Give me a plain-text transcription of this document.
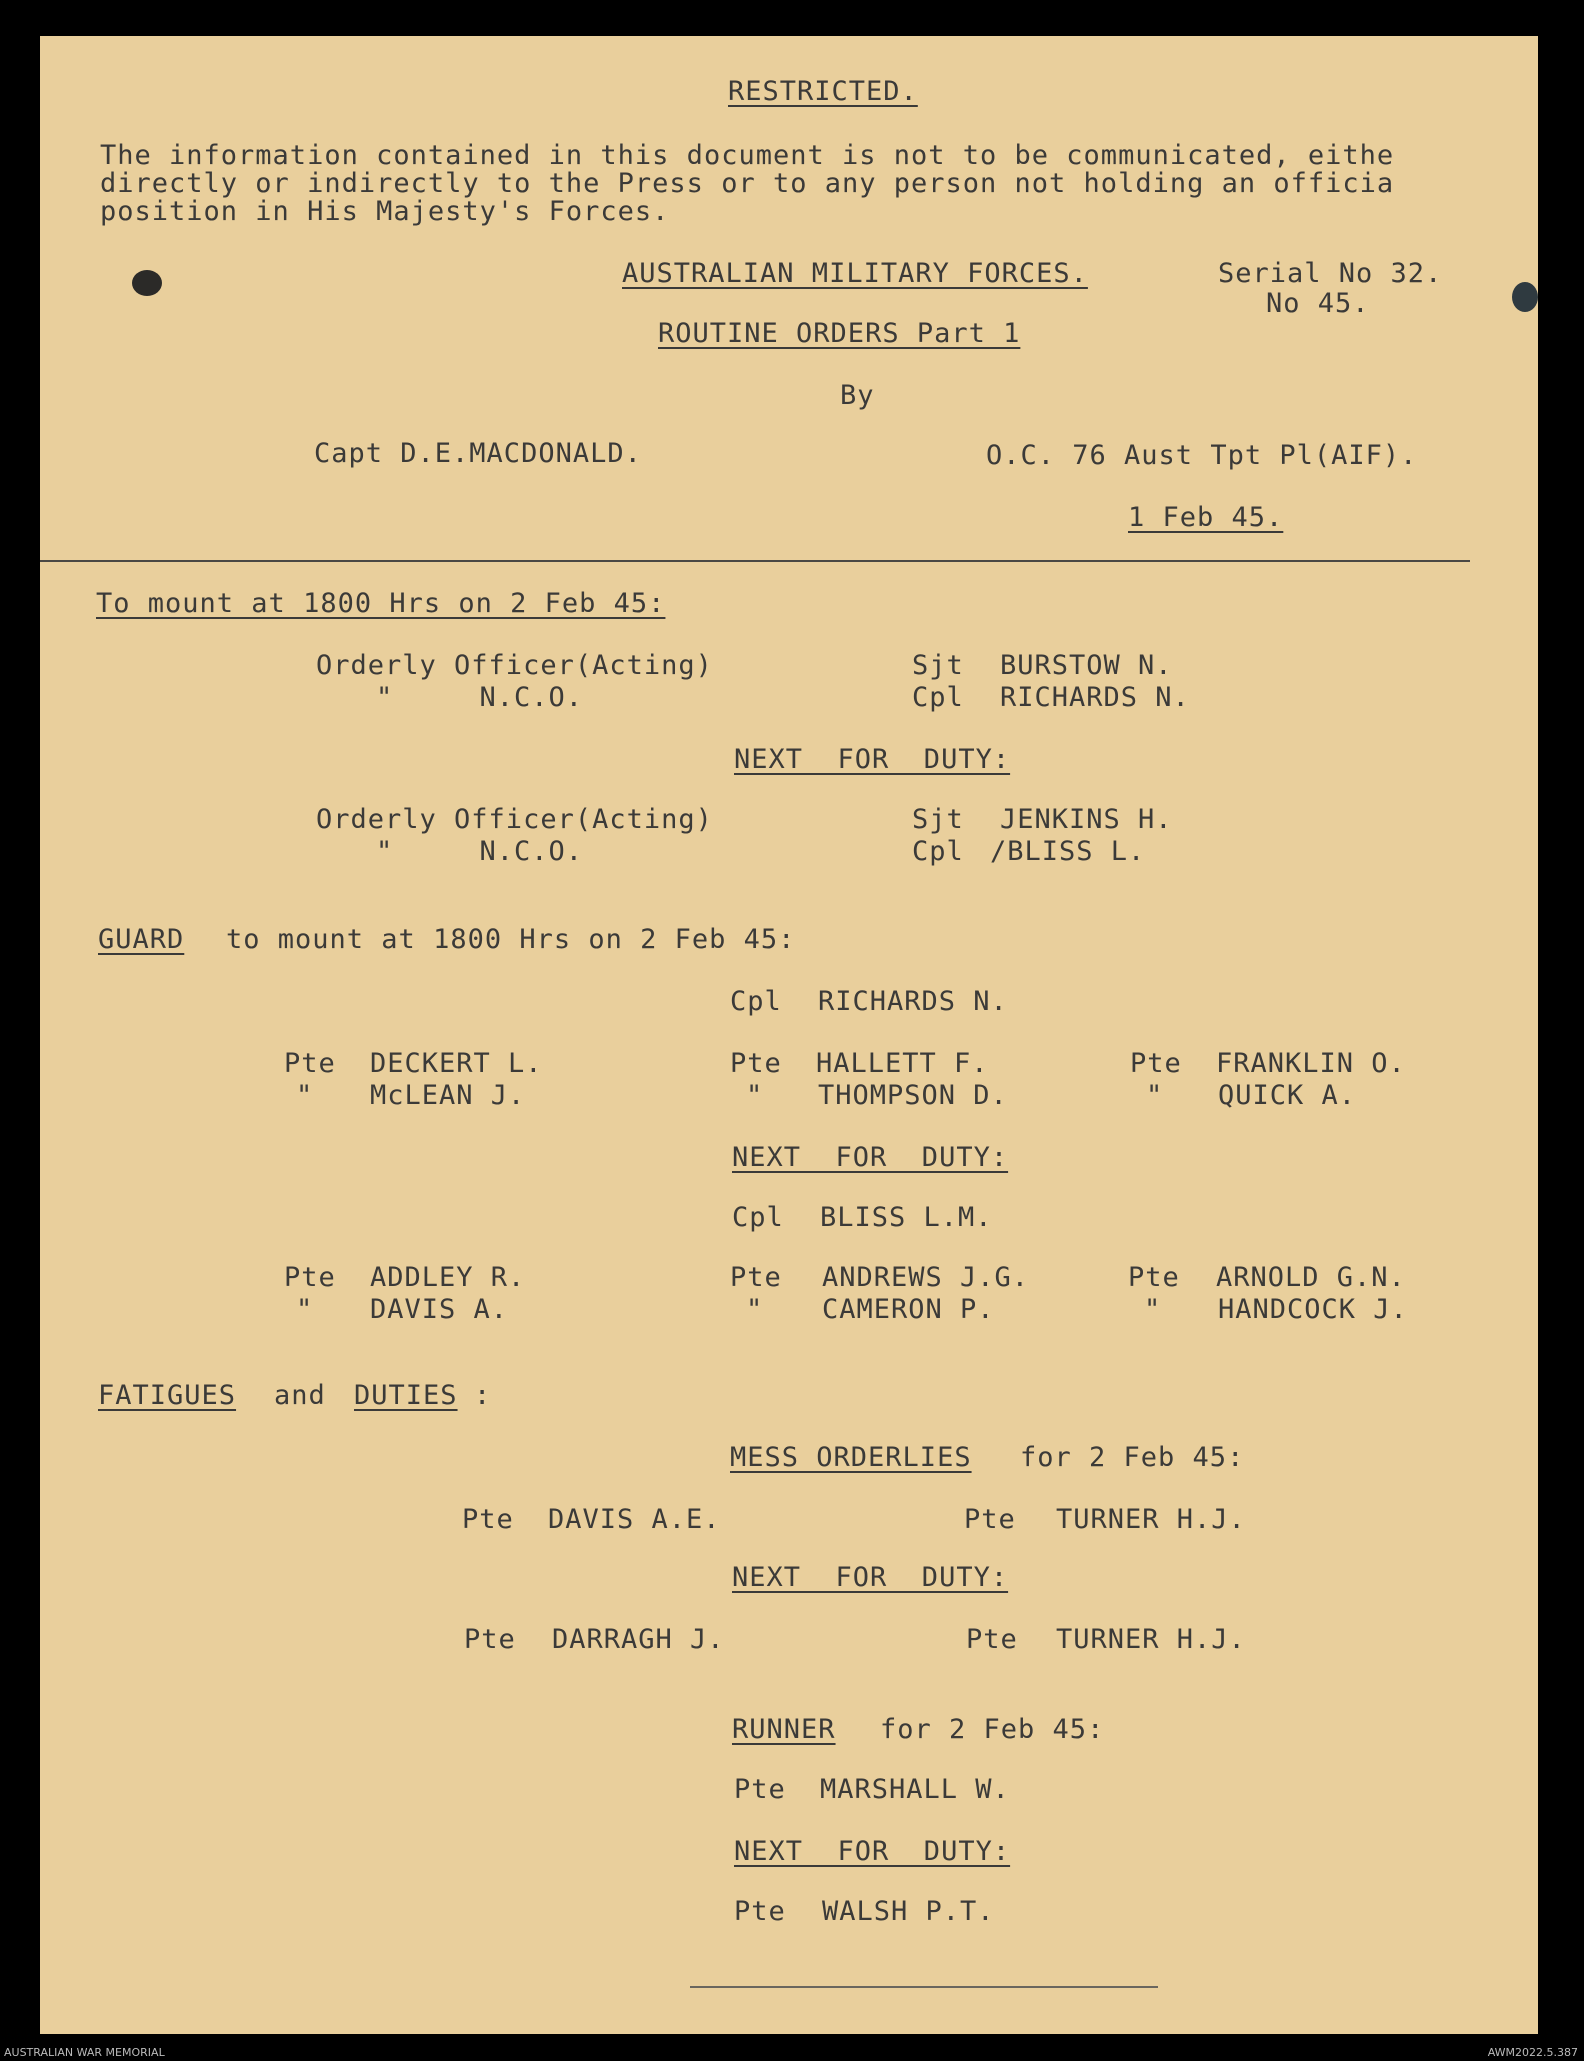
RESTRICTED.
The information contained in this document is not to be communicated, eithe
directly or indirectly to the Press or to any person not holding an officia
position in His Majesty's Forces.
AUSTRALIAN MILITARY FORCES.	Serial No 32.
No 45.
ROUTINE ORDERS Part 1
By
Capt D.E.MACDONALD.	O.C. 76 Aust Tpt Pl(AIF).
1 Feb 45.
To mount at 1800 Hrs on 2 Feb 45:
Orderly Officer(Acting)	Sjt BURSTOW N.
"     N.C.O.	Cpl RICHARDS N.
NEXT  FOR  DUTY:
Orderly Officer(Acting)	Sjt JENKINS H.
"     N.C.O.	Cpl /BLISS L.
GUARD to mount at 1800 Hrs on 2 Feb 45:
Cpl RICHARDS N.
Pte DECKERT L.	Pte HALLETT F.	Pte FRANKLIN O.
" McLEAN J.	" THOMPSON D.	" QUICK A.
NEXT  FOR  DUTY:
Cpl BLISS L.M.
Pte ADDLEY R.	Pte ANDREWS J.G.	Pte ARNOLD G.N.
" DAVIS A.	" CAMERON P.	" HANDCOCK J.
FATIGUES and DUTIES :
MESS ORDERLIES for 2 Feb 45:
Pte DAVIS A.E.	Pte TURNER H.J.
NEXT  FOR  DUTY:
Pte DARRAGH J.	Pte TURNER H.J.
RUNNER for 2 Feb 45:
Pte MARSHALL W.
NEXT  FOR  DUTY:
Pte WALSH P.T.
AUSTRALIAN WAR MEMORIAL	AWM2022.5.387
